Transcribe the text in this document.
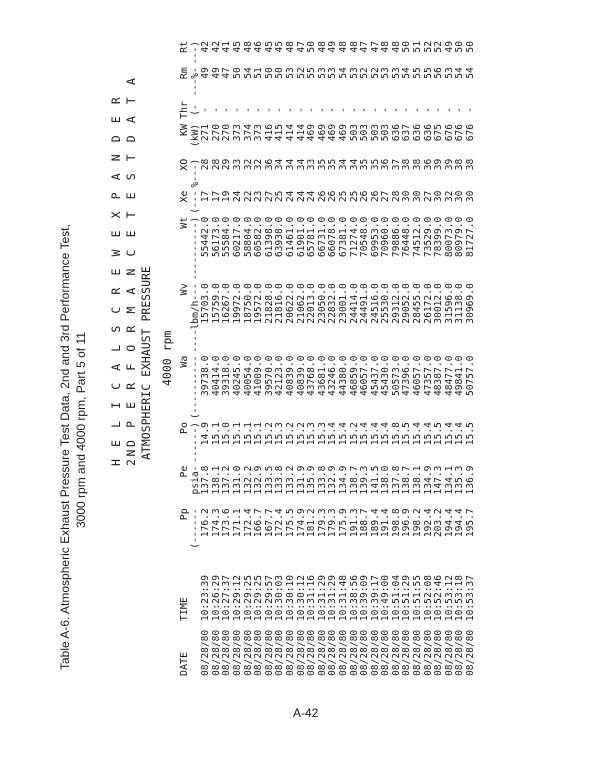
Table A-6. Atmospheric Exhaust Pressure Test Data, 2nd and 3rd Performance Test, 3000 rpm and 4000 rpm, Part 5 of 11 H E L I C A L S C R E W E X P A N D E R 2ND P E R F O R M A N C E T E S T D A T A ATMOSPHERIC EXHAUST PRESSURE 4000 rpm
DATE	TIME	Pp	Pe	Po	Wa	Wv	Wt	Xe	XO	KW	Thr	Rm	Rt
		(------	psia-	------)	(----------	----lbm/h---	----------)	(---	%---)	(kW)	(-	---%-	---)
08/28/80	10:23:39	176.2	137.8	14.9	39738.0	15703.0	55442.0	17	28	271	-	49	42
08/28/80	10:26:29	174.3	138.1	15.1	40414.0	15759.0	56173.0	17	28	270	-	49	42
08/28/80	10:27:37	173.6	137.2	15.0	39318.0	16267.0	55584.0	19	29	270	-	47	41
08/28/80	10:29:12	171.1	131.0	15.1	40245.0	19972.0	60217.0	24	33	373	-	50	45
08/28/80	10:29:25	172.4	132.2	15.1	40054.0	18750.0	58804.0	22	32	374	-	54	48
08/28/80	10:29:25	166.7	132.9	15.1	41009.0	19572.0	60582.0	23	32	373	-	51	46
08/28/80	10:29:57	167.7	133.5	15.2	39570.0	21828.0	61398.0	27	36	416	-	50	45
08/28/80	10:30:03	172.4	133.8	15.3	42123.0	21816.0	63938.0	25	34	415	-	50	45
08/28/80	10:30:10	175.5	133.2	15.2	40839.0	20622.0	61461.0	24	34	414	-	53	48
08/28/80	10:30:12	174.9	131.9	15.2	40839.0	21062.0	61901.0	24	34	414	-	52	47
08/28/80	10:31:16	181.2	135.9	15.3	43768.0	22013.0	65781.0	24	33	469	-	55	50
08/28/80	10:31:29	179.3	133.8	15.3	43681.0	23050.0	66731.0	26	35	469	-	53	48
08/28/80	10:31:29	179.3	132.9	15.4	43246.0	22832.0	66078.0	26	35	469	-	53	49
08/28/80	10:31:48	175.9	134.9	15.4	44380.0	23001.0	67381.0	25	34	469	-	54	48
08/28/80	10:38:56	191.3	138.7	15.2	46859.0	24414.0	71274.0	25	34	503	-	53	48
08/28/80	10:39:09	188.7	139.3	15.4	46057.0	24491.0	70548.0	26	35	503	-	52	47
08/28/80	10:39:17	189.4	141.5	15.4	45437.0	24516.0	69953.0	26	35	503	-	52	47
08/28/80	10:49:00	191.4	138.0	15.4	45430.0	25530.0	70960.0	27	36	503	-	53	48
08/28/80	10:51:04	198.8	137.8	15.8	50573.0	29312.0	79886.0	28	37	636	-	53	48
08/28/80	10:51:29	196.9	138.7	15.5	47396.0	29052.0	76448.0	30	38	637	-	54	50
08/28/80	10:51:55	198.2	138.1	15.4	46057.0	28455.0	74512.0	30	38	636	-	55	51
08/28/80	10:52:08	192.4	134.9	15.4	47357.0	26172.0	73529.0	27	36	636	-	55	52
08/28/80	10:52:46	203.2	147.3	15.5	48387.0	30012.0	78399.0	30	39	675	-	56	52
08/28/80	10:53:12	194.4	134.1	15.4	48477.0	31596.0	80073.0	32	39	676	-	53	49
08/28/80	10:53:18	194.4	135.3	15.4	49841.0	31138.0	80979.0	30	38	676	-	54	50
08/28/80	10:53:37	195.7	136.9	15.5	50757.0	30969.0	81727.0	30	38	676	-	54	50
A-42
